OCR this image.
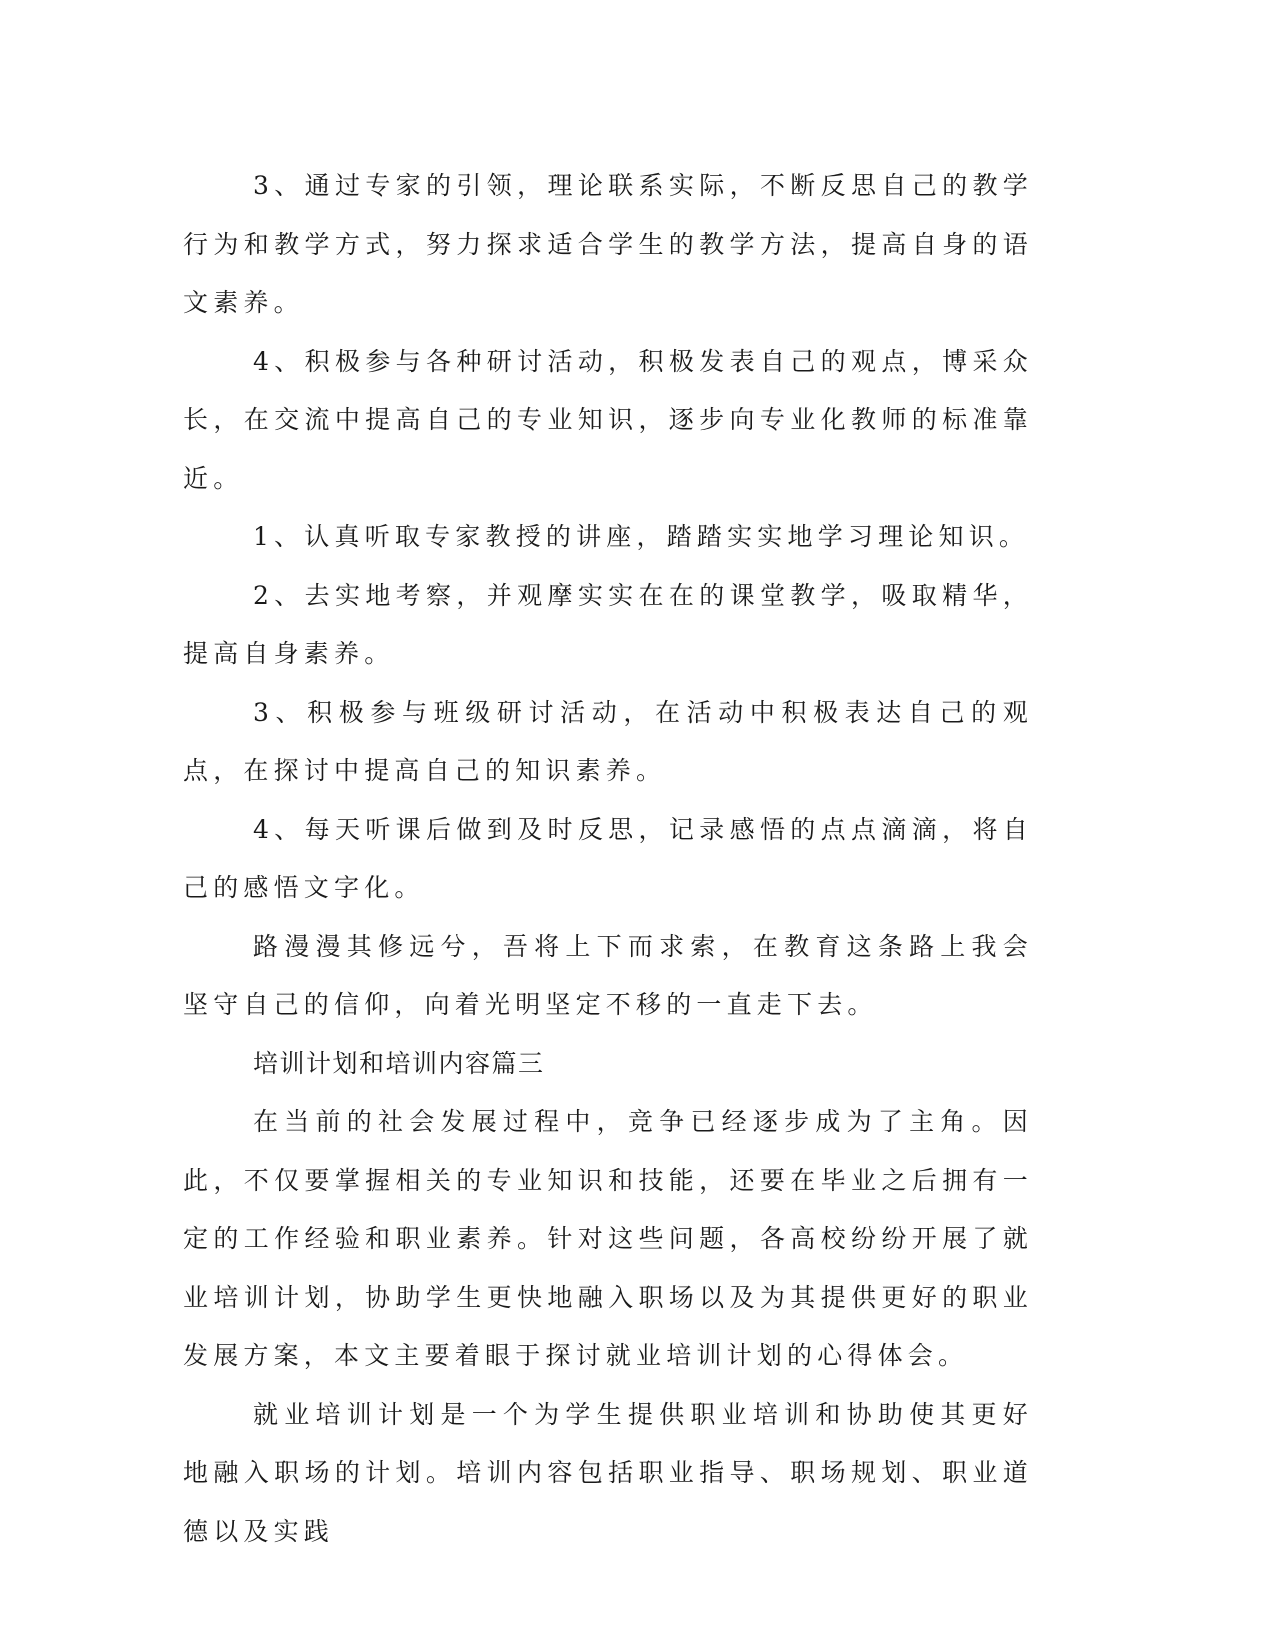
3、通过专家的引领，理论联系实际，不断反思自己的教学行为和教学方式，努力探求适合学生的教学方法，提高自身的语文素养。

4、积极参与各种研讨活动，积极发表自己的观点，博采众长，在交流中提高自己的专业知识，逐步向专业化教师的标准靠近。

1、认真听取专家教授的讲座，踏踏实实地学习理论知识。

2、去实地考察，并观摩实实在在的课堂教学，吸取精华，提高自身素养。

3、积极参与班级研讨活动，在活动中积极表达自己的观点，在探讨中提高自己的知识素养。

4、每天听课后做到及时反思，记录感悟的点点滴滴，将自己的感悟文字化。

路漫漫其修远兮，吾将上下而求索，在教育这条路上我会坚守自己的信仰，向着光明坚定不移的一直走下去。

培训计划和培训内容篇三

在当前的社会发展过程中，竞争已经逐步成为了主角。因此，不仅要掌握相关的专业知识和技能，还要在毕业之后拥有一定的工作经验和职业素养。针对这些问题，各高校纷纷开展了就业培训计划，协助学生更快地融入职场以及为其提供更好的职业发展方案，本文主要着眼于探讨就业培训计划的心得体会。

就业培训计划是一个为学生提供职业培训和协助使其更好地融入职场的计划。培训内容包括职业指导、职场规划、职业道德以及实践
